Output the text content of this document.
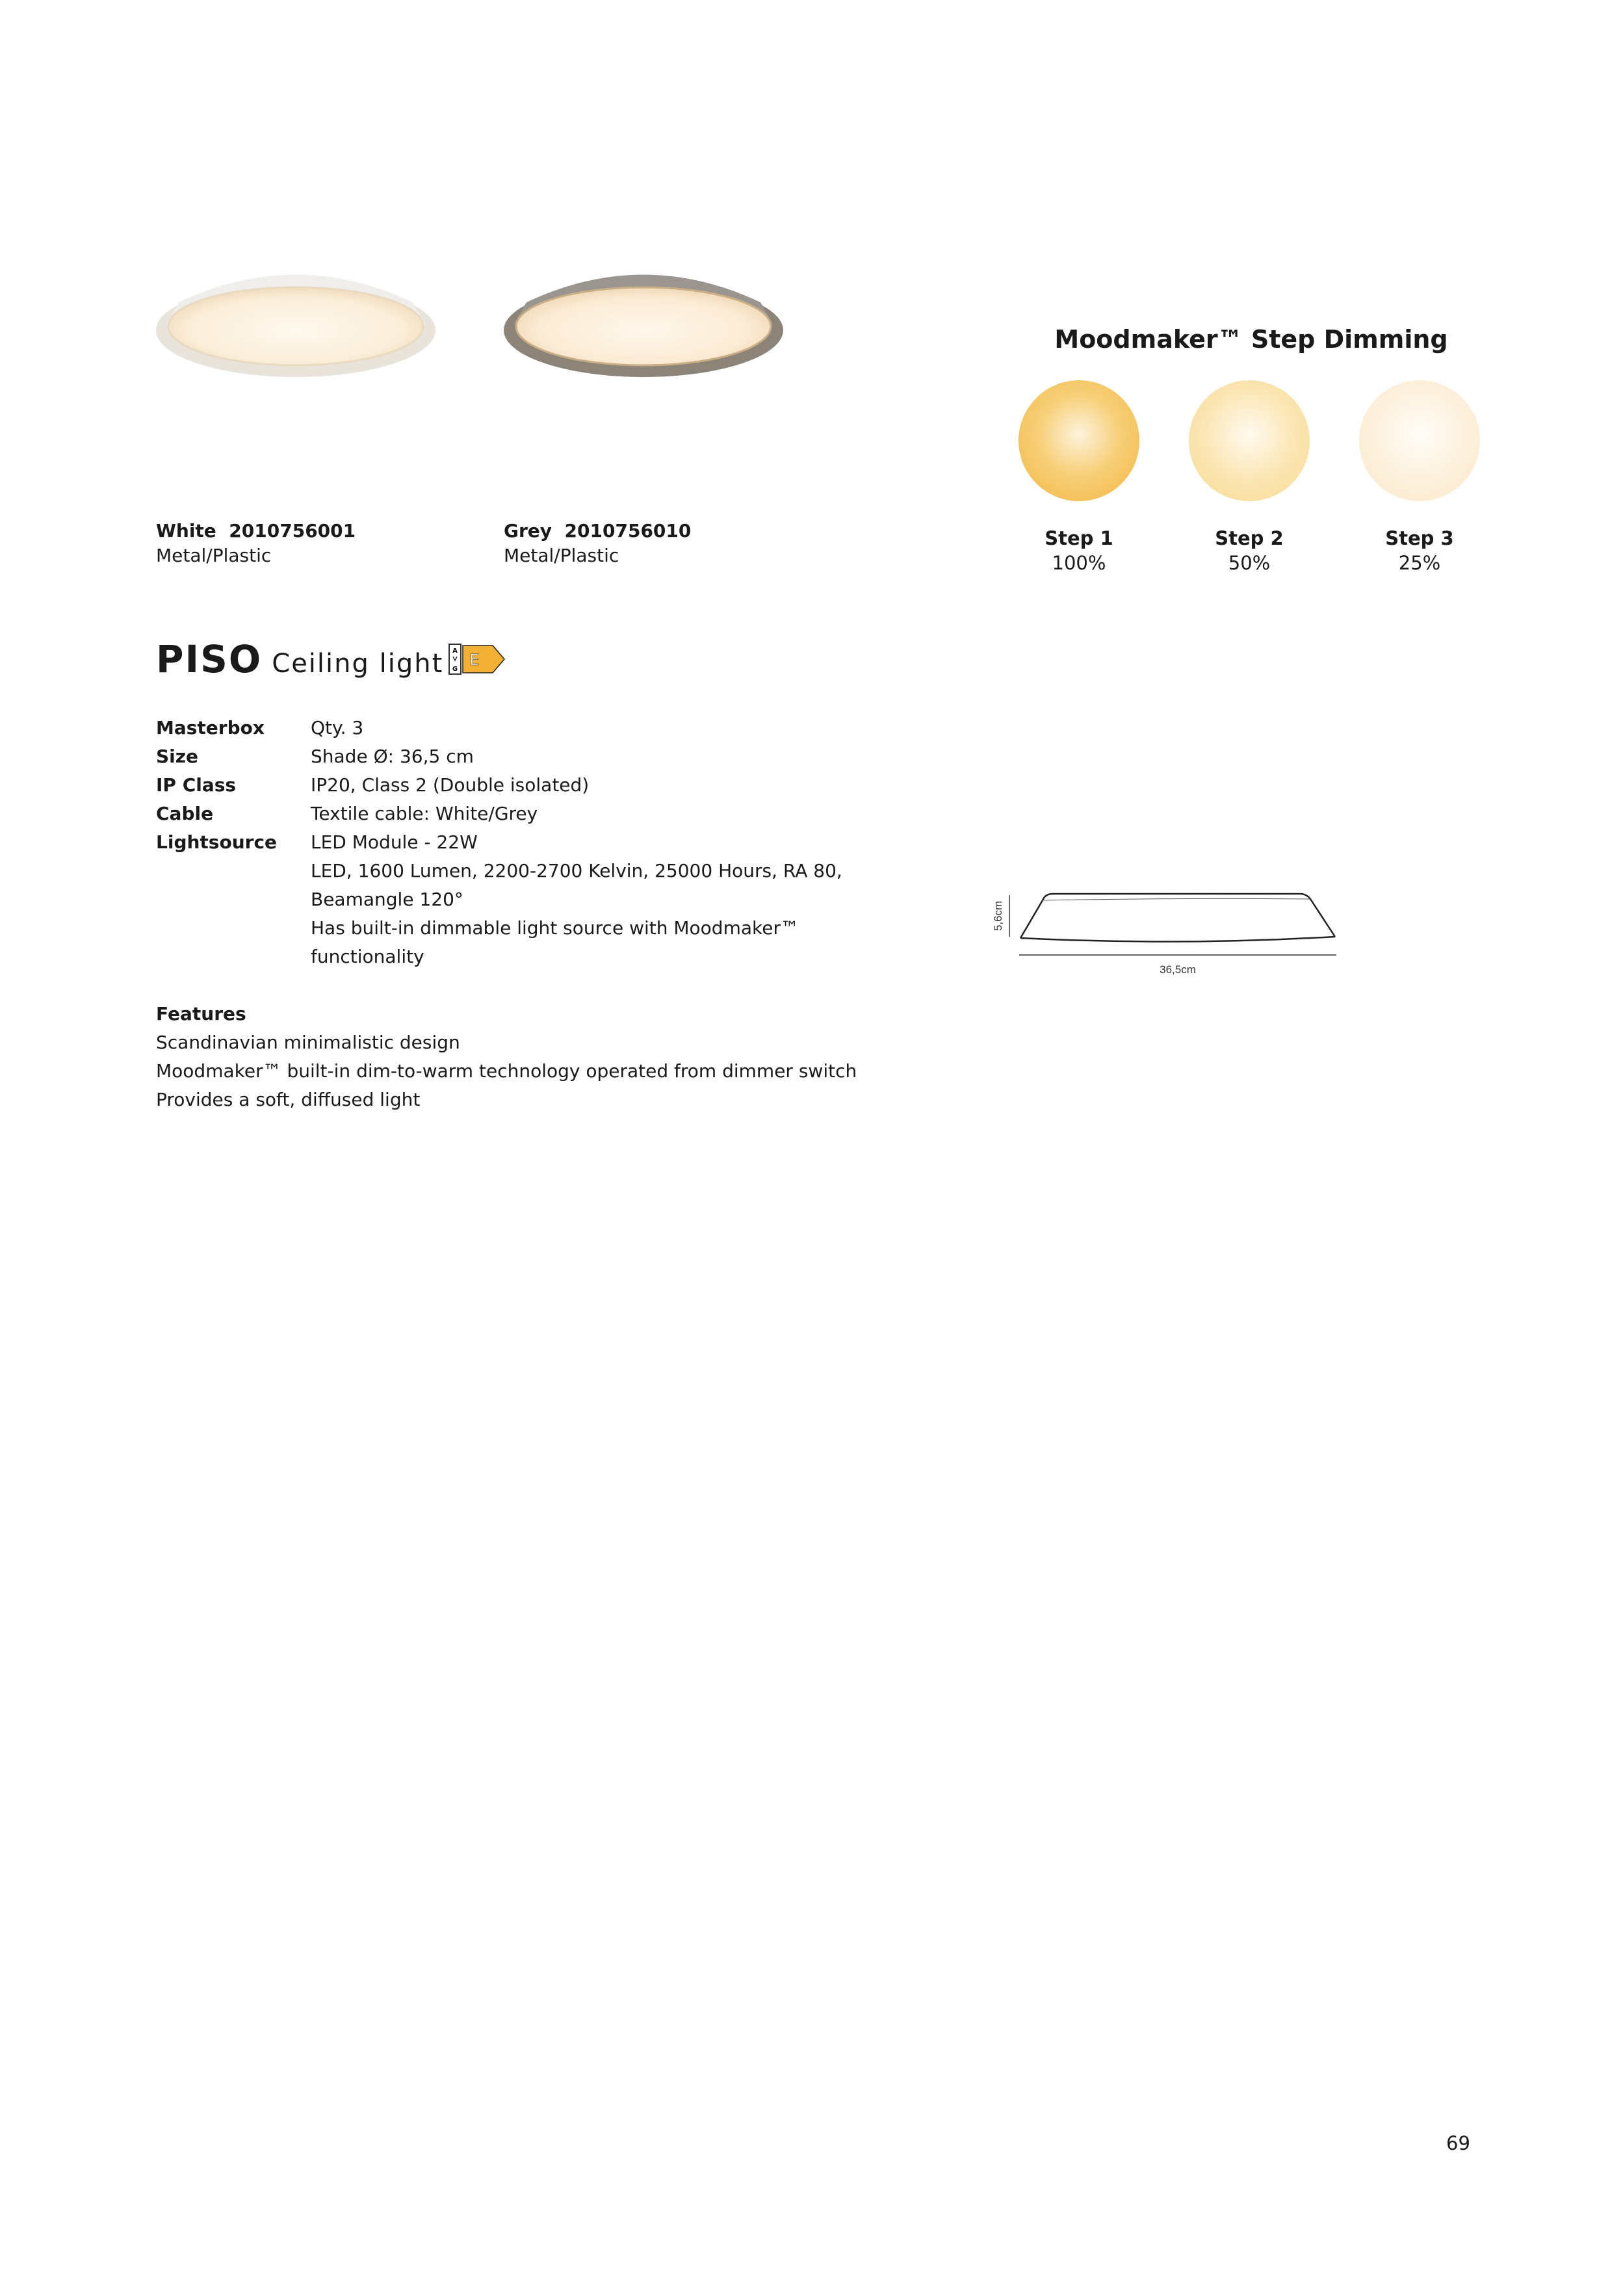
White 2010756001
Metal/Plastic
Grey 2010756010
Metal/Plastic
Moodmaker™ Step Dimming
Step 1
100%
Step 2
50%
Step 3
25%
PISO Ceiling light A
G
E
Masterbox	Qty. 3
Size	Shade Ø: 36,5 cm
IP Class	IP20, Class 2 (Double isolated)
Cable	Textile cable: White/Grey
Lightsource LED Module - 22W
LED, 1600 Lumen, 2200-2700 Kelvin, 25000 Hours, RA 80,
Beamangle 120°
Has built-in dimmable light source with Moodmaker™
functionality
Features
Scandinavian minimalistic design
Moodmaker™ built-in dim-to-warm technology operated from dimmer switch
Provides a soft, diffused light
5,6cm
36,5cm
69
